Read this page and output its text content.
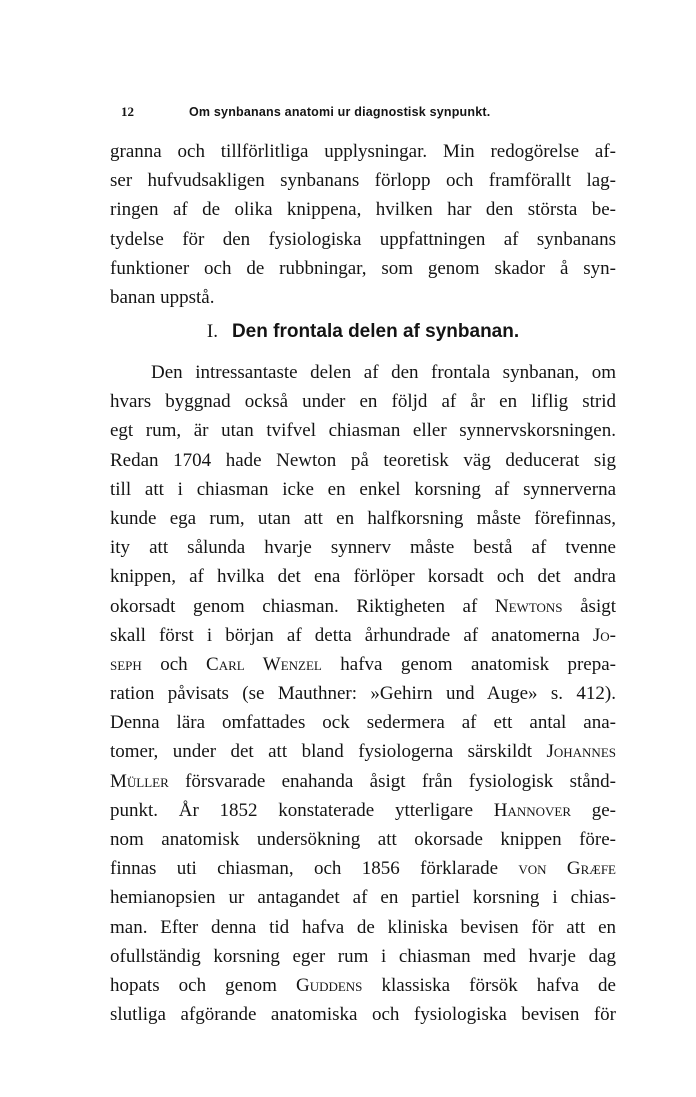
12	Om synbanans anatomi ur diagnostisk synpunkt.
granna och tillförlitliga upplysningar. Min redogörelse af-
ser hufvudsakligen synbanans förlopp och framförallt lag-
ringen af de olika knippena, hvilken har den största be-
tydelse för den fysiologiska uppfattningen af synbanans
funktioner och de rubbningar, som genom skador å syn-
banan uppstå.
I. Den frontala delen af synbanan.
Den intressantaste delen af den frontala synbanan, om
hvars byggnad också under en följd af år en liflig strid
egt rum, är utan tvifvel chiasman eller synnervskorsningen.
Redan 1704 hade Newton på teoretisk väg deducerat sig
till att i chiasman icke en enkel korsning af synnerverna
kunde ega rum, utan att en halfkorsning måste förefinnas,
ity att sålunda hvarje synnerv måste bestå af tvenne
knippen, af hvilka det ena förlöper korsadt och det andra
okorsadt genom chiasman. Riktigheten af Newtons åsigt
skall först i början af detta århundrade af anatomerna Jo-
seph och Carl Wenzel hafva genom anatomisk prepa-
ration påvisats (se Mauthner: »Gehirn und Auge» s. 412).
Denna lära omfattades ock sedermera af ett antal ana-
tomer, under det att bland fysiologerna särskildt Johannes
Müller försvarade enahanda åsigt från fysiologisk stånd-
punkt. År 1852 konstaterade ytterligare Hannover ge-
nom anatomisk undersökning att okorsade knippen före-
finnas uti chiasman, och 1856 förklarade von Græfe
hemianopsien ur antagandet af en partiel korsning i chias-
man. Efter denna tid hafva de kliniska bevisen för att en
ofullständig korsning eger rum i chiasman med hvarje dag
hopats och genom Guddens klassiska försök hafva de
slutliga afgörande anatomiska och fysiologiska bevisen för
